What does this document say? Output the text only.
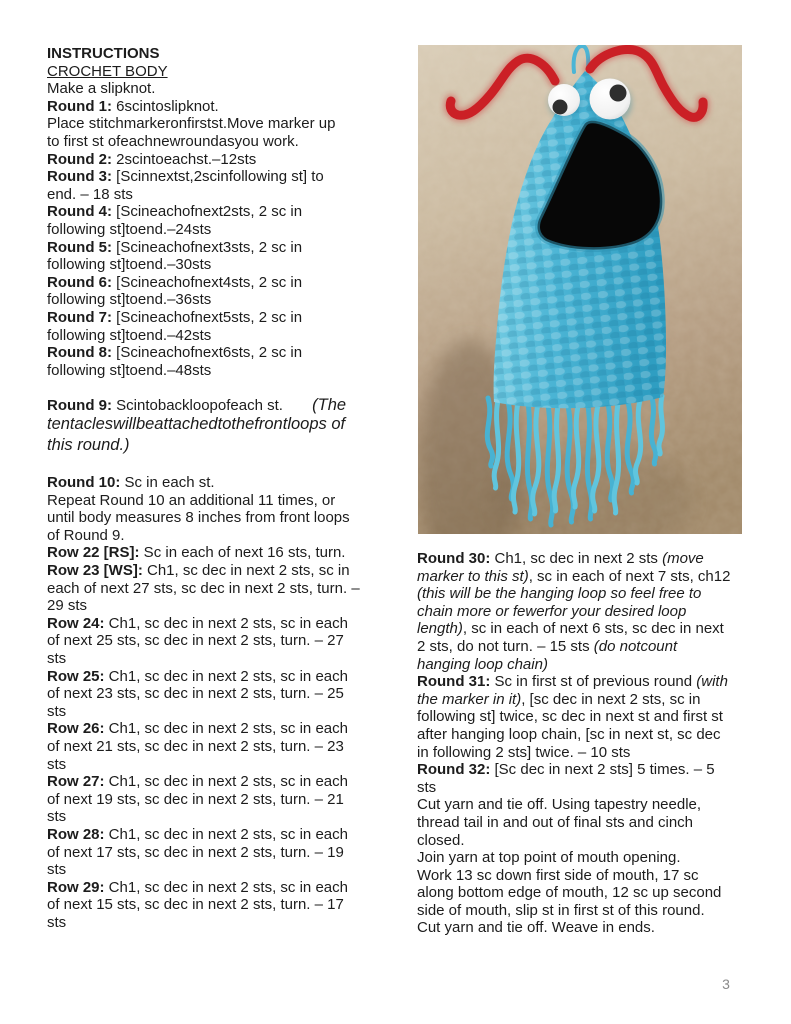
INSTRUCTIONS
CROCHET BODY
Make a slipknot.
Round 1: 6scintoslipknot.
Place stitchmarkeronfirstst.Move marker up
to first st ofeachnewroundasyou work.
Round 2: 2scintoeachst.–12sts
Round 3: [Scinnextst,2scinfollowing st] to
end. – 18 sts
Round 4: [Scineachofnext2sts, 2 sc in
following st]toend.–24sts
Round 5: [Scineachofnext3sts, 2 sc in
following st]toend.–30sts
Round 6: [Scineachofnext4sts, 2 sc in
following st]toend.–36sts
Round 7: [Scineachofnext5sts, 2 sc in
following st]toend.–42sts
Round 8: [Scineachofnext6sts, 2 sc in
following st]toend.–48sts

Round 9: Scintobackloopofeach st. (The
tentacleswillbeattachedtothefrontloops of
this round.)

Round 10: Sc in each st.
Repeat Round 10 an additional 11 times, or
until body measures 8 inches from front loops
of Round 9.
Row 22 [RS]: Sc in each of next 16 sts, turn.
Row 23 [WS]: Ch1, sc dec in next 2 sts, sc in
each of next 27 sts, sc dec in next 2 sts, turn. –
29 sts
Row 24: Ch1, sc dec in next 2 sts, sc in each
of next 25 sts, sc dec in next 2 sts, turn. – 27
sts
Row 25: Ch1, sc dec in next 2 sts, sc in each
of next 23 sts, sc dec in next 2 sts, turn. – 25
sts
Row 26: Ch1, sc dec in next 2 sts, sc in each
of next 21 sts, sc dec in next 2 sts, turn. – 23
sts
Row 27: Ch1, sc dec in next 2 sts, sc in each
of next 19 sts, sc dec in next 2 sts, turn. – 21
sts
Row 28: Ch1, sc dec in next 2 sts, sc in each
of next 17 sts, sc dec in next 2 sts, turn. – 19
sts
Row 29: Ch1, sc dec in next 2 sts, sc in each
of next 15 sts, sc dec in next 2 sts, turn. – 17
sts
Round 30: Ch1, sc dec in next 2 sts (move
marker to this st), sc in each of next 7 sts, ch12
(this will be the hanging loop so feel free to
chain more or fewerfor your desired loop
length), sc in each of next 6 sts, sc dec in next
2 sts, do not turn. – 15 sts (do notcount
hanging loop chain)
Round 31: Sc in first st of previous round (with
the marker in it), [sc dec in next 2 sts, sc in
following st] twice, sc dec in next st and first st
after hanging loop chain, [sc in next st, sc dec
in following 2 sts] twice. – 10 sts
Round 32: [Sc dec in next 2 sts] 5 times. – 5
sts
Cut yarn and tie off. Using tapestry needle,
thread tail in and out of final sts and cinch
closed.
Join yarn at top point of mouth opening.
Work 13 sc down first side of mouth, 17 sc
along bottom edge of mouth, 12 sc up second
side of mouth, slip st in first st of this round.
Cut yarn and tie off. Weave in ends.
3
